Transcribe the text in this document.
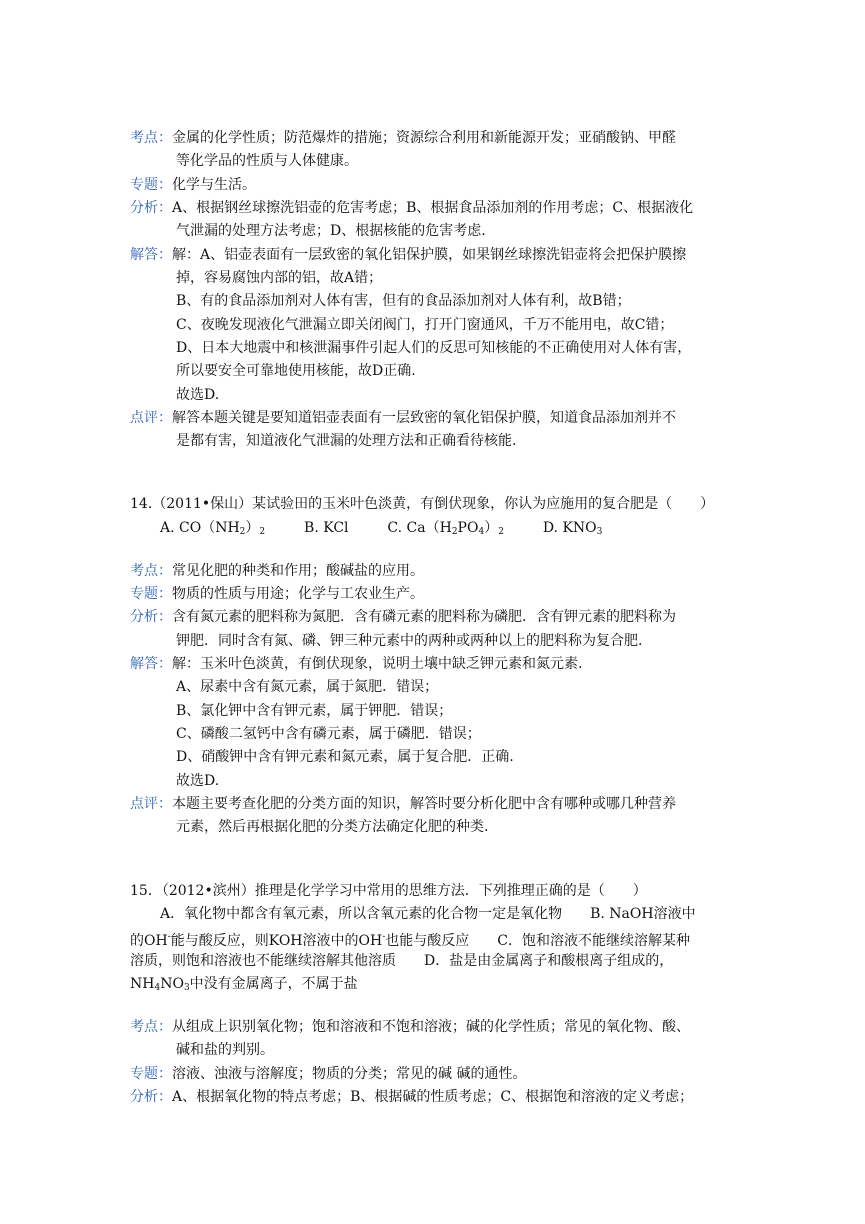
考点：金属的化学性质；防范爆炸的措施；资源综合利用和新能源开发；亚硝酸钠、甲醛
等化学品的性质与人体健康。
专题：化学与生活。
分析：A、根据钢丝球擦洗铝壶的危害考虑；B、根据食品添加剂的作用考虑；C、根据液化
气泄漏的处理方法考虑；D、根据核能的危害考虑.
解答：解：A、铝壶表面有一层致密的氧化铝保护膜，如果钢丝球擦洗铝壶将会把保护膜擦
掉，容易腐蚀内部的铝，故A错；
B、有的食品添加剂对人体有害，但有的食品添加剂对人体有利，故B错；
C、夜晚发现液化气泄漏立即关闭阀门，打开门窗通风，千万不能用电，故C错；
D、日本大地震中和核泄漏事件引起人们的反思可知核能的不正确使用对人体有害，
所以要安全可靠地使用核能，故D正确.
故选D.
点评：解答本题关键是要知道铝壶表面有一层致密的氧化铝保护膜，知道食品添加剂并不
是都有害，知道液化气泄漏的处理方法和正确看待核能.
14.（2011•保山）某试验田的玉米叶色淡黄，有倒伏现象，你认为应施用的复合肥是（　　）
A. $CO(NH_2)_2$	B. KCl	C. $Ca(H_2PO_4)_2$	D. $KNO_3$
考点：常见化肥的种类和作用；酸碱盐的应用。
专题：物质的性质与用途；化学与工农业生产。
分析：含有氮元素的肥料称为氮肥．含有磷元素的肥料称为磷肥．含有钾元素的肥料称为
钾肥．同时含有氮、磷、钾三种元素中的两种或两种以上的肥料称为复合肥.
解答：解：玉米叶色淡黄，有倒伏现象，说明土壤中缺乏钾元素和氮元素.
A、尿素中含有氮元素，属于氮肥．错误；
B、氯化钾中含有钾元素，属于钾肥．错误；
C、磷酸二氢钙中含有磷元素，属于磷肥．错误；
D、硝酸钾中含有钾元素和氮元素，属于复合肥．正确.
故选D.
点评：本题主要考查化肥的分类方面的知识，解答时要分析化肥中含有哪种或哪几种营养
元素，然后再根据化肥的分类方法确定化肥的种类.
15．（2012•滨州）推理是化学学习中常用的思维方法．下列推理正确的是（　　）
A．氧化物中都含有氧元素，所以含氧元素的化合物一定是氧化物　　B. NaOH溶液中
的OH-能与酸反应，则KOH溶液中的OH-也能与酸反应　　C．饱和溶液不能继续溶解某种
溶质，则饱和溶液也不能继续溶解其他溶质　　D．盐是由金属离子和酸根离子组成的，
$NH_4NO_3$中没有金属离子，不属于盐
考点：从组成上识别氧化物；饱和溶液和不饱和溶液；碱的化学性质；常见的氧化物、酸、
碱和盐的判别。
专题：溶液、浊液与溶解度；物质的分类；常见的碱 碱的通性。
分析：A、根据氧化物的特点考虑；B、根据碱的性质考虑；C、根据饱和溶液的定义考虑；
